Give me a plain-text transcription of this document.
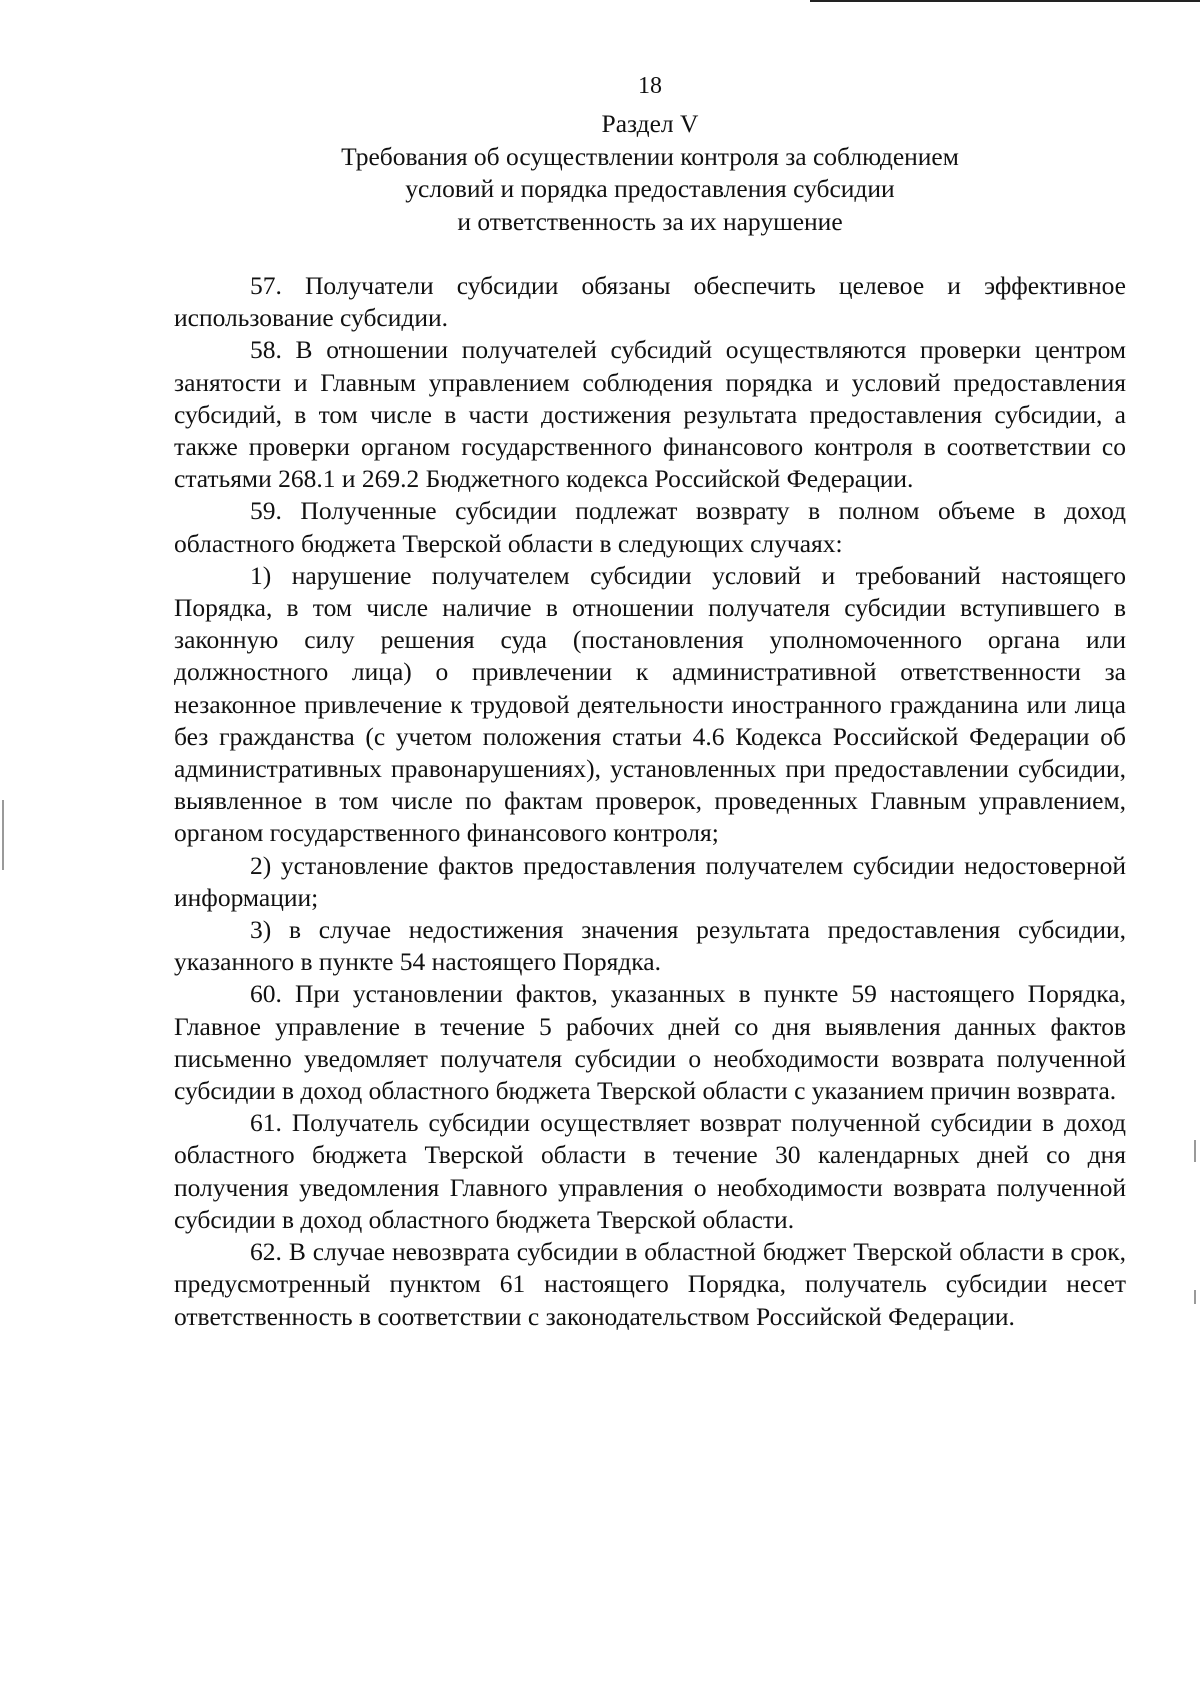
18
Раздел V
Требования об осуществлении контроля за соблюдением
условий и порядка предоставления субсидии
и ответственность за их нарушение

57. Получатели субсидии обязаны обеспечить целевое и эффективное использование субсидии.

58. В отношении получателей субсидий осуществляются проверки центром занятости и Главным управлением соблюдения порядка и условий предоставления субсидий, в том числе в части достижения результата предоставления субсидии, а также проверки органом государственного финансового контроля в соответствии со статьями 268.1 и 269.2 Бюджетного кодекса Российской Федерации.

59. Полученные субсидии подлежат возврату в полном объеме в доход областного бюджета Тверской области в следующих случаях:

1) нарушение получателем субсидии условий и требований настоящего Порядка, в том числе наличие в отношении получателя субсидии вступившего в законную силу решения суда (постановления уполномоченного органа или должностного лица) о привлечении к административной ответственности за незаконное привлечение к трудовой деятельности иностранного гражданина или лица без гражданства (с учетом положения статьи 4.6 Кодекса Российской Федерации об административных правонарушениях), установленных при предоставлении субсидии, выявленное в том числе по фактам проверок, проведенных Главным управлением, органом государственного финансового контроля;

2) установление фактов предоставления получателем субсидии недостоверной информации;

3) в случае недостижения значения результата предоставления субсидии, указанного в пункте 54 настоящего Порядка.

60. При установлении фактов, указанных в пункте 59 настоящего Порядка, Главное управление в течение 5 рабочих дней со дня выявления данных фактов письменно уведомляет получателя субсидии о необходимости возврата полученной субсидии в доход областного бюджета Тверской области с указанием причин возврата.

61. Получатель субсидии осуществляет возврат полученной субсидии в доход областного бюджета Тверской области в течение 30 календарных дней со дня получения уведомления Главного управления о необходимости возврата полученной субсидии в доход областного бюджета Тверской области.

62. В случае невозврата субсидии в областной бюджет Тверской области в срок, предусмотренный пунктом 61 настоящего Порядка, получатель субсидии несет ответственность в соответствии с законодательством Российской Федерации.
